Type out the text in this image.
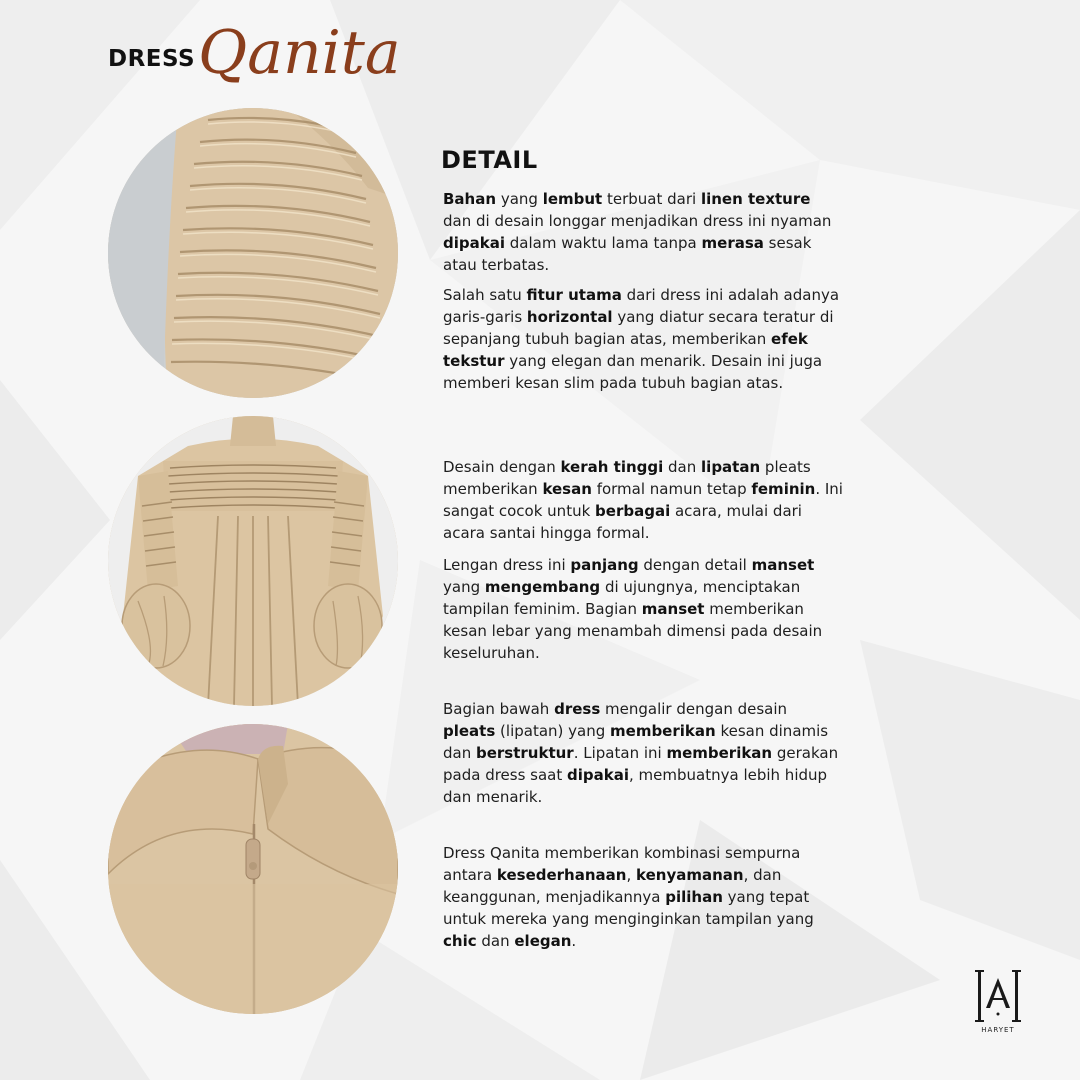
DRESS Qanita
DETAIL

Bahan yang lembut terbuat dari linen texture dan di desain longgar menjadikan dress ini nyaman dipakai dalam waktu lama tanpa merasa sesak atau terbatas.

Salah satu fitur utama dari dress ini adalah adanya garis-garis horizontal yang diatur secara teratur di sepanjang tubuh bagian atas, memberikan efek tekstur yang elegan dan menarik. Desain ini juga memberi kesan slim pada tubuh bagian atas.

Desain dengan kerah tinggi dan lipatan pleats memberikan kesan formal namun tetap feminin. Ini sangat cocok untuk berbagai acara, mulai dari acara santai hingga formal.

Lengan dress ini panjang dengan detail manset yang mengembang di ujungnya, menciptakan tampilan feminim. Bagian manset memberikan kesan lebar yang menambah dimensi pada desain keseluruhan.

Bagian bawah dress mengalir dengan desain pleats (lipatan) yang memberikan kesan dinamis dan berstruktur. Lipatan ini memberikan gerakan pada dress saat dipakai, membuatnya lebih hidup dan menarik.

Dress Qanita memberikan kombinasi sempurna antara kesederhanaan, kenyamanan, dan keanggunan, menjadikannya pilihan yang tepat untuk mereka yang menginginkan tampilan yang chic dan elegan.

HARYET
